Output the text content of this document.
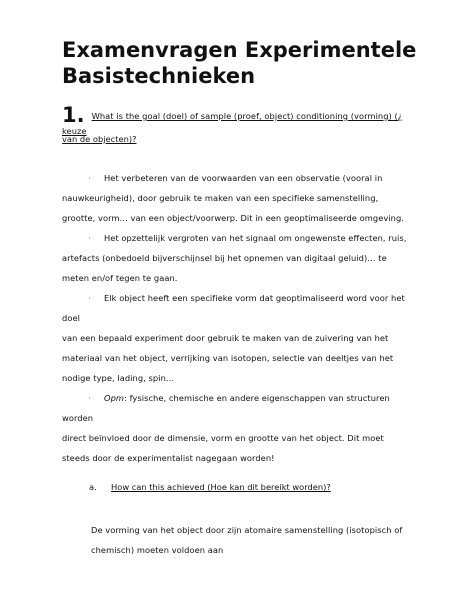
Examenvragen Experimentele
Basistechnieken
1. What is the goal (doel) of sample (proef, object) conditioning (vorming) (¿ keuze
van de objecten)?

· Het verbeteren van de voorwaarden van een observatie (vooral in

nauwkeurigheid), door gebruik te maken van een specifieke samenstelling,

grootte, vorm… van een object/voorwerp. Dit in een geoptimaliseerde omgeving.

· Het opzettelijk vergroten van het signaal om ongewenste effecten, ruis,

artefacts (onbedoeld bijverschijnsel bij het opnemen van digitaal geluid)… te

meten en/of tegen te gaan.

· Elk object heeft een specifieke vorm dat geoptimaliseerd word voor het doel

van een bepaald experiment door gebruik te maken van de zuivering van het

materiaal van het object, verrijking van isotopen, selectie van deeltjes van het

nodige type, lading, spin…

· Opm: fysische, chemische en andere eigenschappen van structuren worden

direct beïnvloed door de dimensie, vorm en grootte van het object. Dit moet

steeds door de experimentalist nagegaan worden!

a. How can this achieved (Hoe kan dit bereikt worden)?
De vorming van het object door zijn atomaire samenstelling (isotopisch of
chemisch) moeten voldoen aan
